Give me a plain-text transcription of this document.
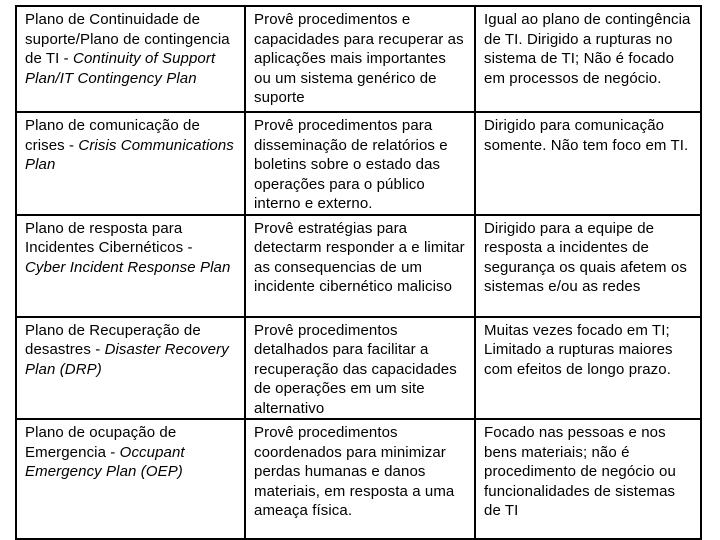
Plano de Continuidade de suporte/Plano de contingencia de TI - Continuity of Support Plan/IT Contingency Plan	Provê procedimentos e capacidades para recuperar as aplicações mais importantes ou um sistema genérico de suporte	Igual ao plano de contingência de TI. Dirigido a rupturas no sistema de TI; Não é focado em processos de negócio.
Plano de comunicação de crises - Crisis Communications Plan	Provê procedimentos para disseminação de relatórios e boletins sobre o estado das operações para o público interno e externo.	Dirigido para comunicação somente. Não tem foco em TI.
Plano de resposta para Incidentes Cibernéticos - Cyber Incident Response Plan	Provê estratégias para detectarm responder a e limitar as consequencias de um incidente cibernético maliciso	Dirigido para a equipe de resposta a incidentes de segurança os quais afetem os sistemas e/ou as redes
Plano de Recuperação de desastres - Disaster Recovery Plan (DRP)	Provê procedimentos detalhados para facilitar a recuperação das capacidades de operações em um site alternativo	Muitas vezes focado em TI; Limitado a rupturas maiores com efeitos de longo prazo.
Plano de ocupação de Emergencia - Occupant Emergency Plan (OEP)	Provê procedimentos coordenados para minimizar perdas humanas e danos materiais, em resposta a uma ameaça física.	Focado nas pessoas e nos bens materiais; não é procedimento de negócio ou funcionalidades de sistemas de TI
